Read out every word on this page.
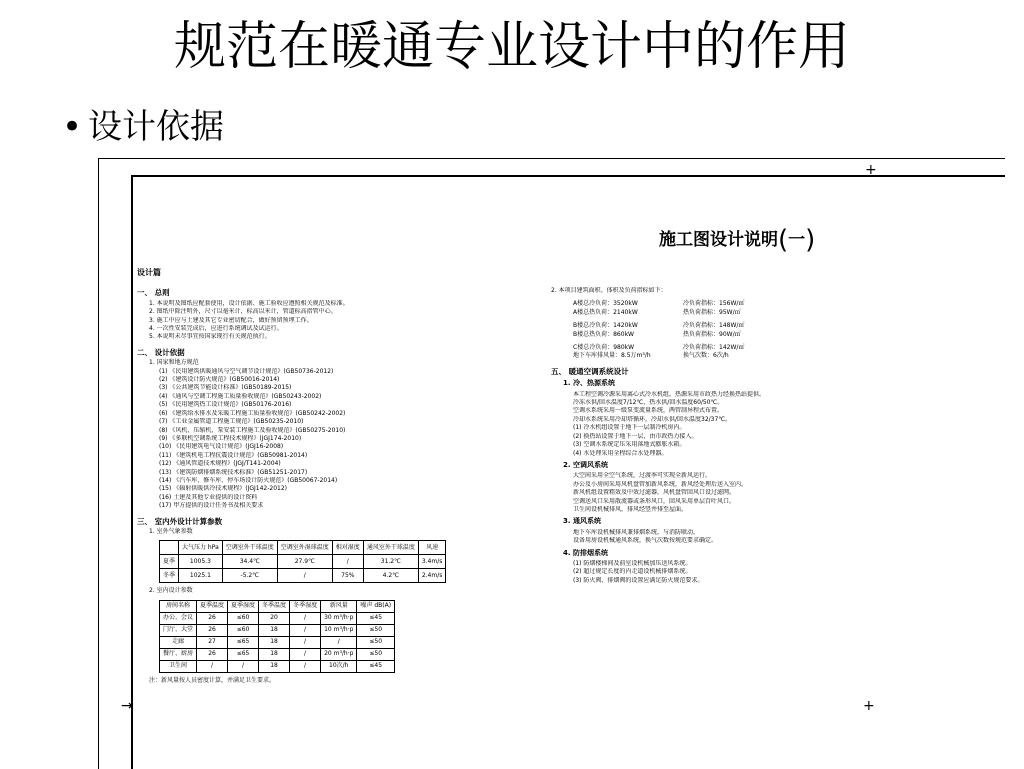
规范在暖通专业设计中的作用
• 设计依据
+
→	+
施工图设计说明(一)
设计篇
一、 总则
1. 本说明及图纸应配套使用，设计依据、施工验收应遵照相关规范及标准。
2. 图纸中除注明外，尺寸以毫米计，标高以米计，管道标高指管中心。
3. 施工中应与土建及其它专业密切配合，做好预留预埋工作。
4. 一次性安装完成后，应进行系统调试及试运行。
5. 本说明未尽事宜按国家现行有关规范执行。
二、 设计依据
1. 国家和地方规范
(1) 《民用建筑供暖通风与空气调节设计规范》(GB50736-2012)
(2) 《建筑设计防火规范》(GB50016-2014)
(3) 《公共建筑节能设计标准》(GB50189-2015)
(4) 《通风与空调工程施工质量验收规范》(GB50243-2002)
(5) 《民用建筑热工设计规范》(GB50176-2016)
(6) 《建筑给水排水及采暖工程施工质量验收规范》(GB50242-2002)
(7) 《工业金属管道工程施工规范》(GB50235-2010)
(8) 《风机、压缩机、泵安装工程施工及验收规范》(GB50275-2010)
(9) 《多联机空调系统工程技术规程》(JGJ174-2010)
(10) 《民用建筑电气设计规范》(JGJ16-2008)
(11) 《建筑机电工程抗震设计规范》(GB50981-2014)
(12) 《通风管道技术规程》(JGJ/T141-2004)
(13) 《建筑防烟排烟系统技术标准》(GB51251-2017)
(14) 《汽车库、修车库、停车场设计防火规范》(GB50067-2014)
(15) 《辐射供暖供冷技术规程》(JGJ142-2012)
(16) 土建及其他专业提供的设计资料
(17) 甲方提供的设计任务书及相关要求
三、 室内外设计计算参数
1. 室外气象参数
	大气压力 hPa	空调室外干球温度	空调室外湿球温度	相对湿度	通风室外干球温度	风速
夏季	1005.3	34.4℃	27.9℃	/	31.2℃	3.4m/s
冬季	1025.1	-5.2℃	/	75%	4.2℃	2.4m/s
2. 室内设计参数
房间名称	夏季温度	夏季湿度	冬季温度	冬季湿度	新风量	噪声 dB(A)
办公、会议	26	≤60	20	/	30 m³/h·p	≤45
门厅、大堂	26	≤60	18	/	10 m³/h·p	≤50
走廊	27	≤65	18	/	/	≤50
餐厅、厨房	26	≤65	18	/	20 m³/h·p	≤50
卫生间	/	/	18	/	10次/h	≤45
注：新风量按人员密度计算，并满足卫生要求。
2. 本项目建筑面积、体积及负荷指标如下：
A楼总冷负荷：3520kW	冷负荷指标：156W/㎡
A楼总热负荷：2140kW	热负荷指标：95W/㎡
B楼总冷负荷：1420kW	冷负荷指标：148W/㎡
B楼总热负荷：860kW	热负荷指标：90W/㎡
C楼总冷负荷：980kW	冷负荷指标：142W/㎡
地下车库排风量：8.5万m³/h	换气次数：6次/h
五、 暖通空调系统设计
1. 冷、热源系统
本工程空调冷源采用离心式冷水机组，热源采用市政热力经换热站提供。
冷冻水供/回水温度7/12℃，热水供/回水温度60/50℃。
空调水系统采用一级泵变流量系统，两管制异程式布置。
冷却水系统采用冷却塔循环，冷却水供/回水温度32/37℃。
(1) 冷水机组设置于地下一层制冷机房内。
(2) 换热站设置于地下一层，由市政热力接入。
(3) 空调水系统定压采用落地式膨胀水箱。
(4) 水处理采用全程综合水处理器。
2. 空调风系统
大空间采用全空气系统，过渡季可实现全新风运行。
办公及小房间采用风机盘管加新风系统，新风经处理后送入室内。
新风机组设置粗效及中效过滤器，风机盘管回风口设过滤网。
空调送风口采用散流器或条形风口，回风采用单层百叶风口。
卫生间设机械排风，排风经竖井排至屋面。
3. 通风系统
地下车库设机械排风兼排烟系统，与消防联动。
设备用房设机械通风系统，换气次数按规范要求确定。
4. 防排烟系统
(1) 防烟楼梯间及前室设机械加压送风系统。
(2) 超过规定长度的内走道设机械排烟系统。
(3) 防火阀、排烟阀的设置应满足防火规范要求。
